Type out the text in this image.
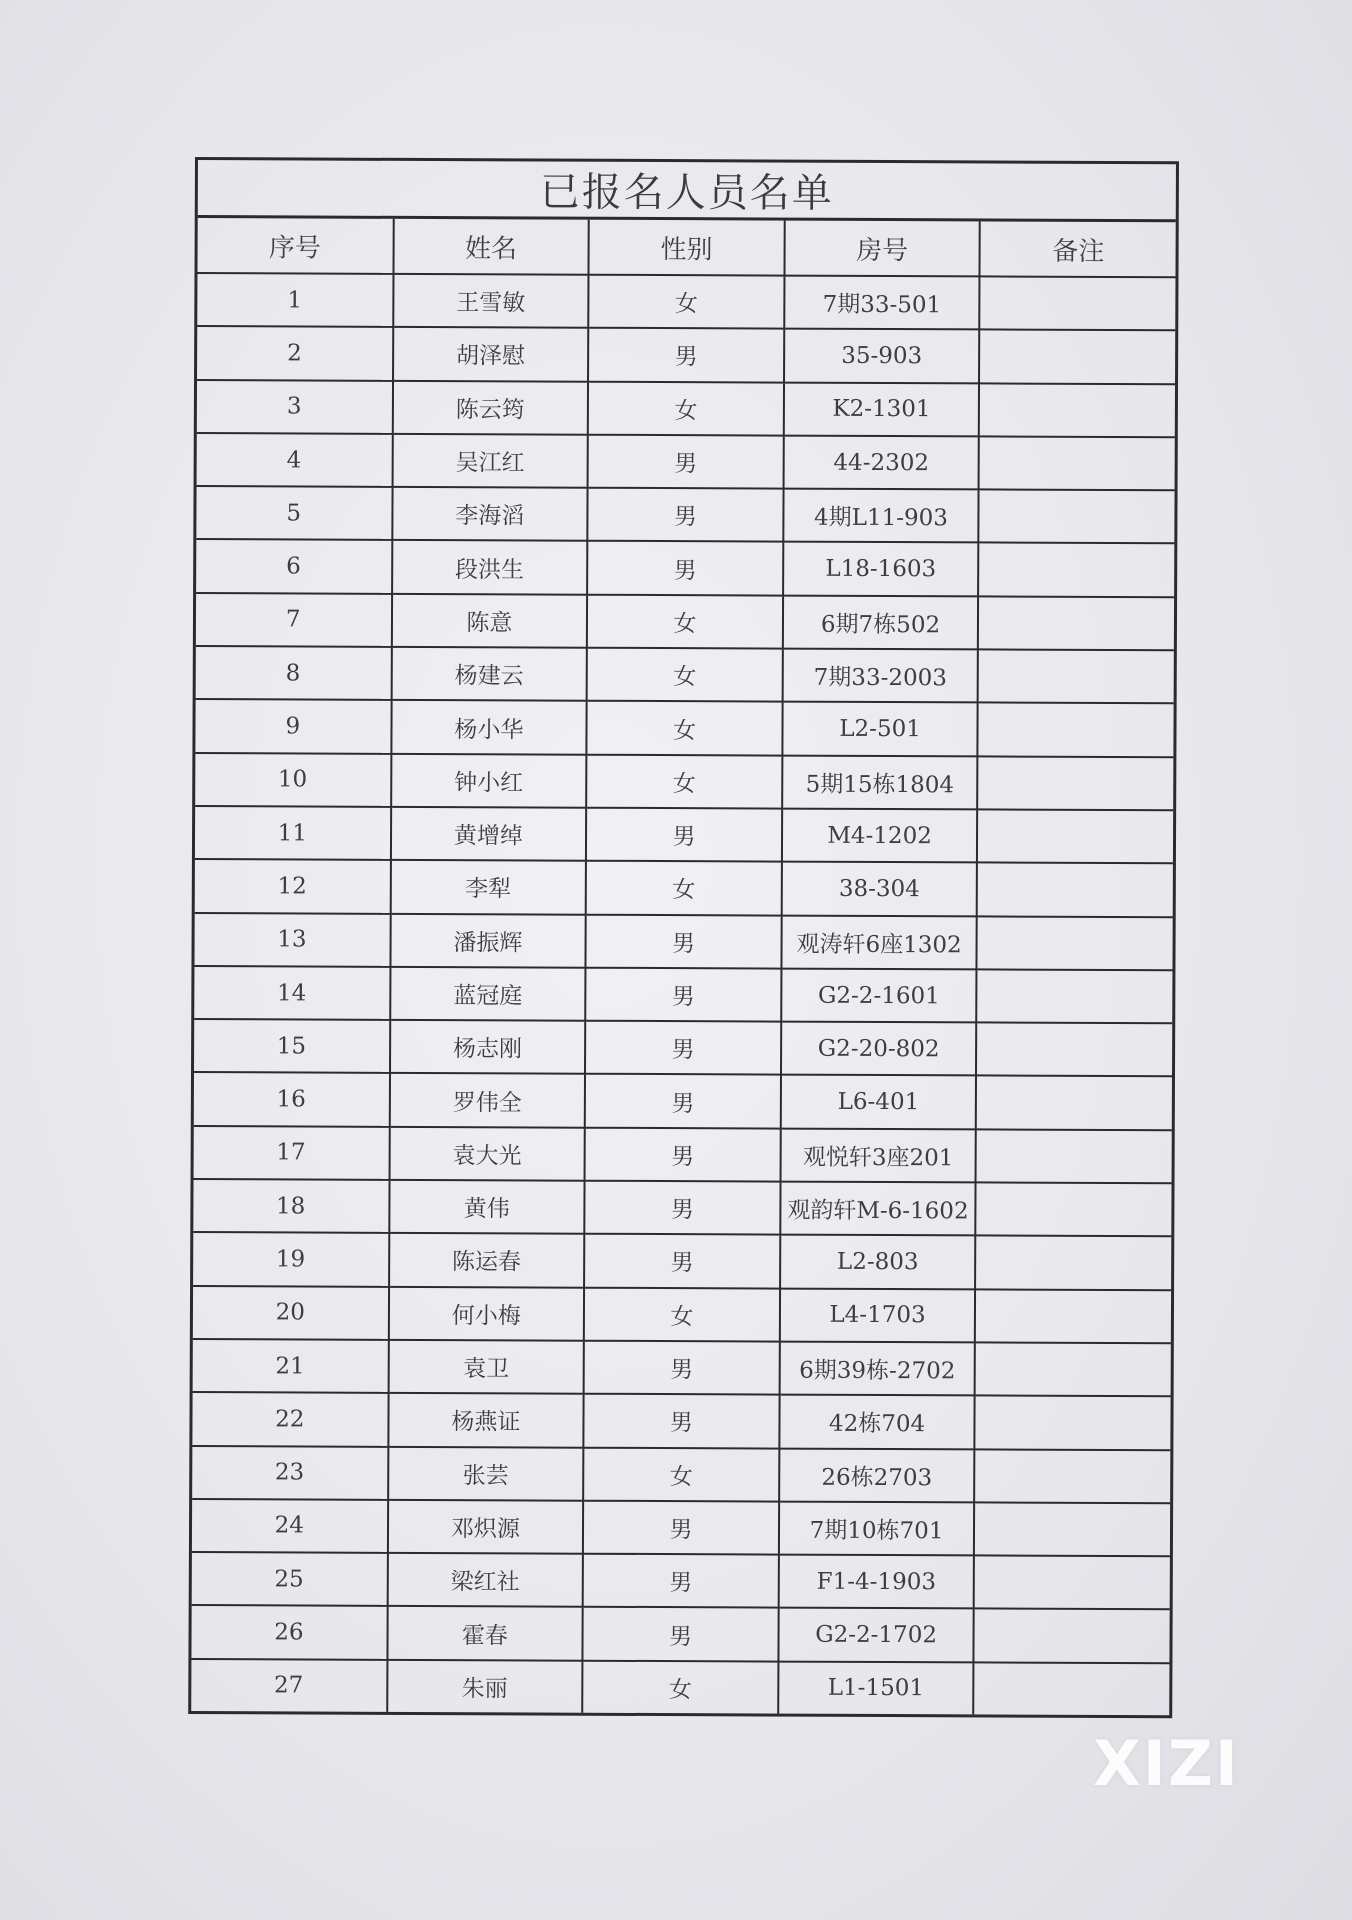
已报名人员名单
序号	姓名	性别	房号	备注
1	王雪敏	女	7期33-501	
2	胡泽慰	男	35-903	
3	陈云筠	女	K2-1301	
4	吴江红	男	44-2302	
5	李海滔	男	4期L11-903	
6	段洪生	男	L18-1603	
7	陈意	女	6期7栋502	
8	杨建云	女	7期33-2003	
9	杨小华	女	L2-501	
10	钟小红	女	5期15栋1804	
11	黄增绰	男	M4-1202	
12	李犁	女	38-304	
13	潘振辉	男	观涛轩6座1302	
14	蓝冠庭	男	G2-2-1601	
15	杨志刚	男	G2-20-802	
16	罗伟全	男	L6-401	
17	袁大光	男	观悦轩3座201	
18	黄伟	男	观韵轩M-6-1602	
19	陈运春	男	L2-803	
20	何小梅	女	L4-1703	
21	袁卫	男	6期39栋-2702	
22	杨燕证	男	42栋704	
23	张芸	女	26栋2703	
24	邓炽源	男	7期10栋701	
25	梁红社	男	F1-4-1903	
26	霍春	男	G2-2-1702	
27	朱丽	女	L1-1501	
XIZI
